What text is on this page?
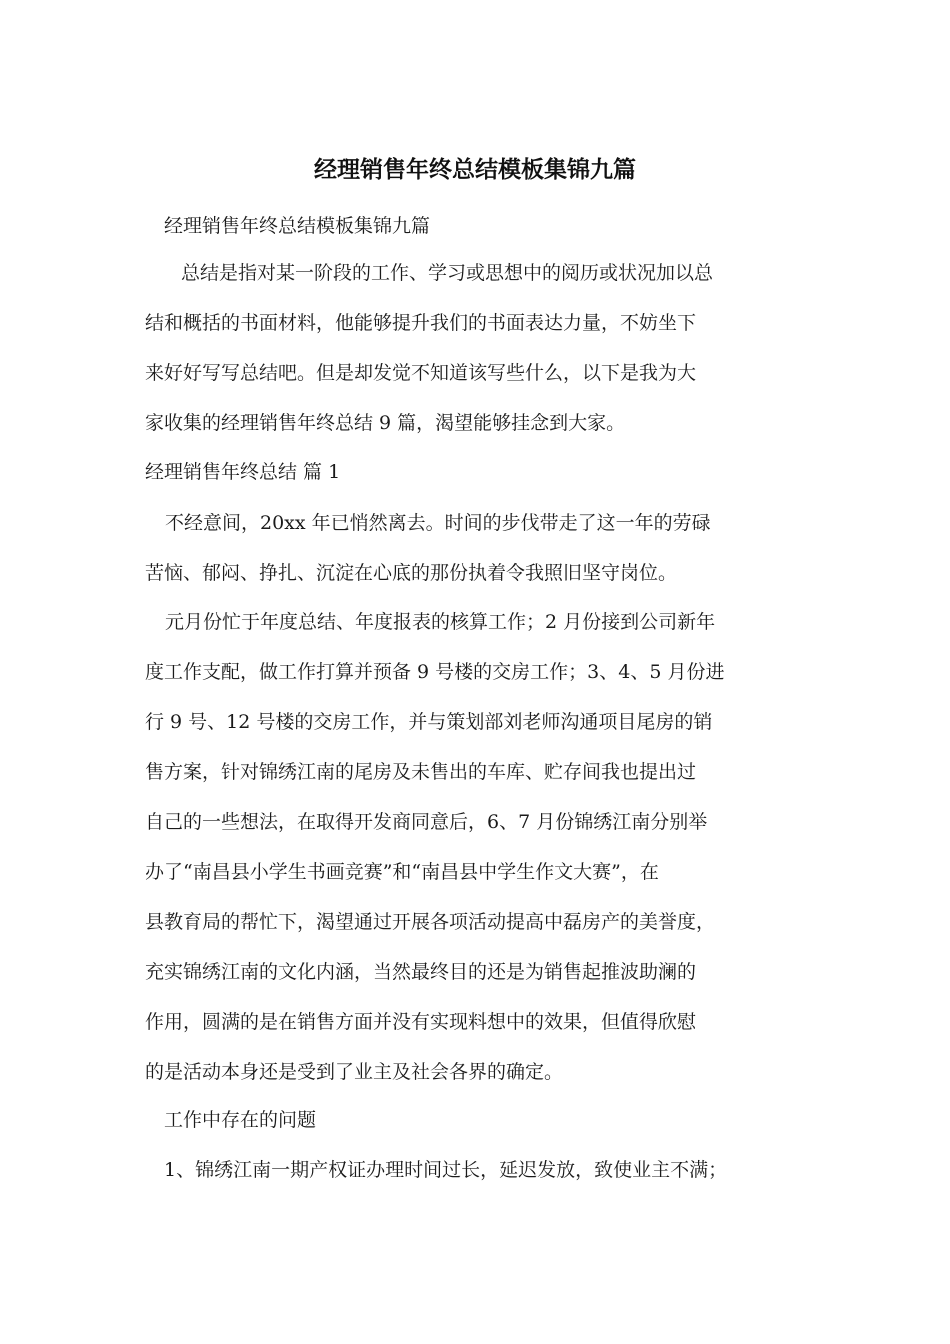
经理销售年终总结模板集锦九篇
经理销售年终总结模板集锦九篇
总结是指对某一阶段的工作、学习或思想中的阅历或状况加以总
结和概括的书面材料，他能够提升我们的书面表达力量，不妨坐下
来好好写写总结吧。但是却发觉不知道该写些什么，以下是我为大
家收集的经理销售年终总结 9 篇，渴望能够挂念到大家。
经理销售年终总结 篇 1
不经意间，20xx 年已悄然离去。时间的步伐带走了这一年的劳碌
苦恼、郁闷、挣扎、沉淀在心底的那份执着令我照旧坚守岗位。
元月份忙于年度总结、年度报表的核算工作；2 月份接到公司新年
度工作支配，做工作打算并预备 9 号楼的交房工作；3、4、5 月份进
行 9 号、12 号楼的交房工作，并与策划部刘老师沟通项目尾房的销
售方案，针对锦绣江南的尾房及未售出的车库、贮存间我也提出过
自己的一些想法，在取得开发商同意后，6、7 月份锦绣江南分别举
办了“南昌县小学生书画竞赛”和“南昌县中学生作文大赛”，在
县教育局的帮忙下，渴望通过开展各项活动提高中磊房产的美誉度，
充实锦绣江南的文化内涵，当然最终目的还是为销售起推波助澜的
作用，圆满的是在销售方面并没有实现料想中的效果，但值得欣慰
的是活动本身还是受到了业主及社会各界的确定。
工作中存在的问题
1、锦绣江南一期产权证办理时间过长，延迟发放，致使业主不满；
